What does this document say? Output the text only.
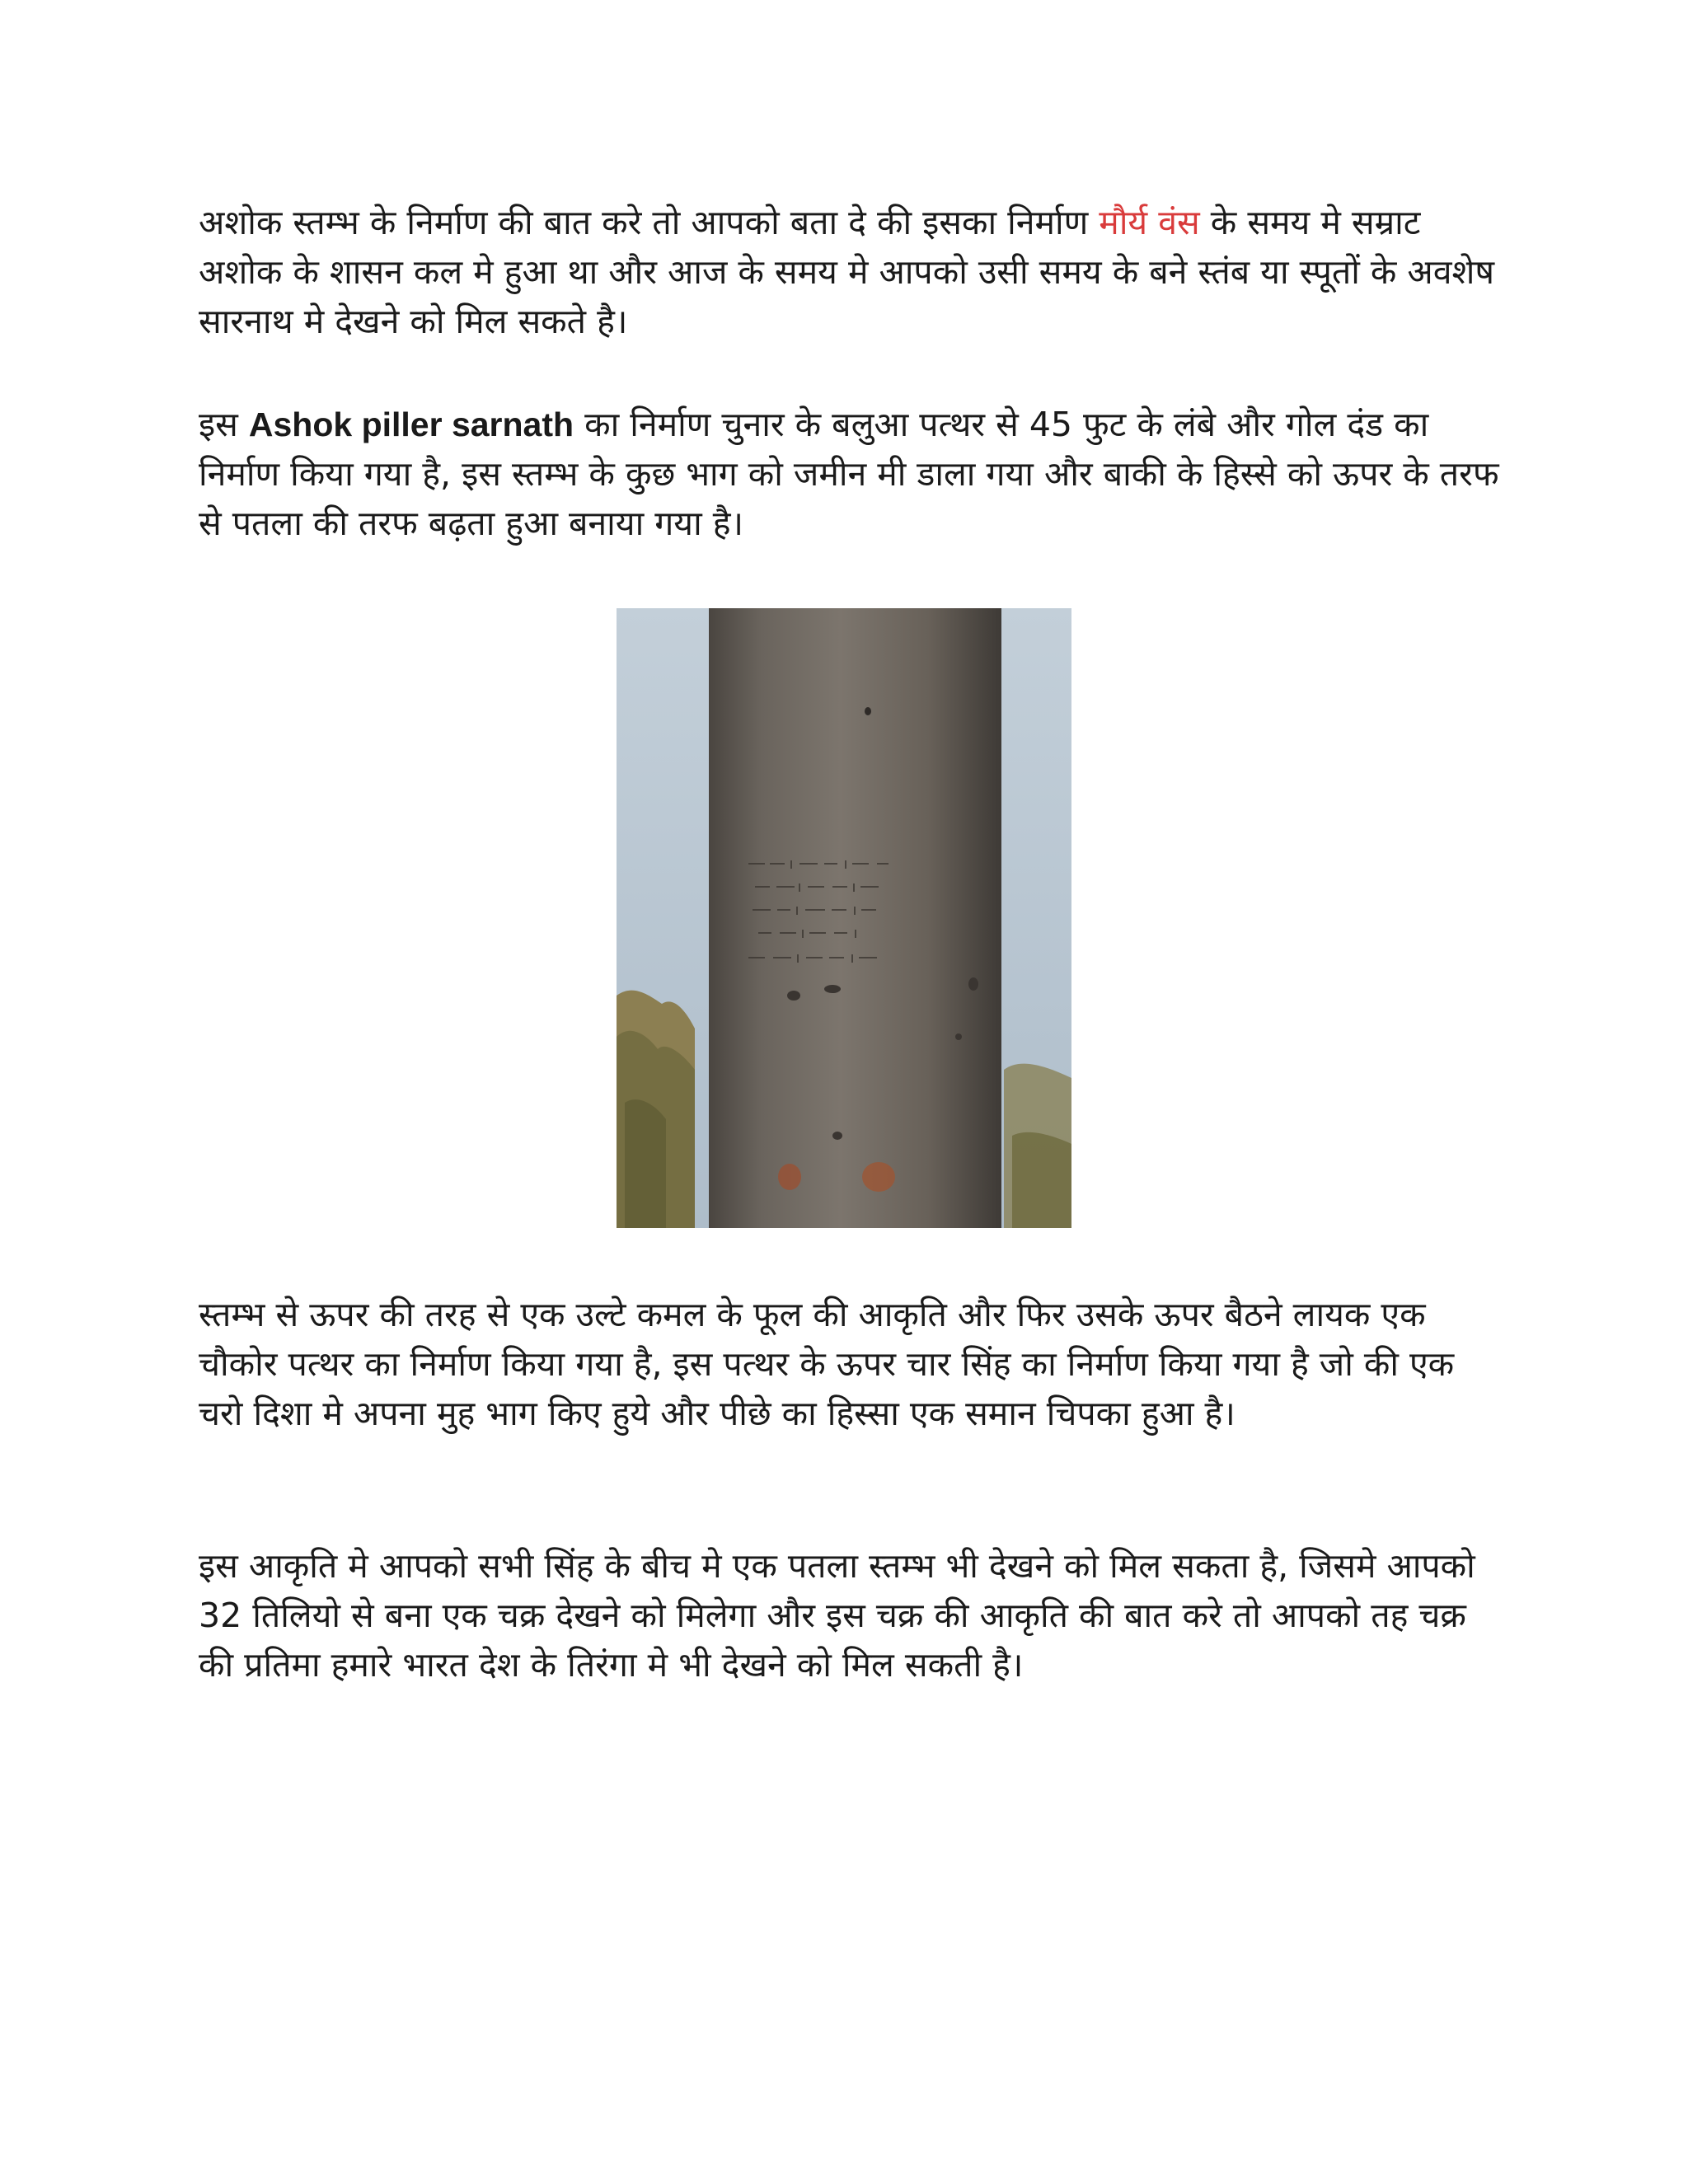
अशोक स्तम्भ के निर्माण की बात करे तो आपको बता दे की इसका निर्माण मौर्य वंस के समय मे सम्राट अशोक के शासन कल मे हुआ था और आज के समय मे आपको उसी समय के बने स्तंब या स्पूतों के अवशेष सारनाथ मे देखने को मिल सकते है।

इस Ashok piller sarnath का निर्माण चुनार के बलुआ पत्थर से 45 फुट के लंबे और गोल दंड का निर्माण किया गया है, इस स्तम्भ के कुछ भाग को जमीन मी डाला गया और बाकी के हिस्से को ऊपर के तरफ से पतला की तरफ बढ़ता हुआ बनाया गया है।

स्तम्भ से ऊपर की तरह से एक उल्टे कमल के फूल की आकृति और फिर उसके ऊपर बैठने लायक एक चौकोर पत्थर का निर्माण किया गया है, इस पत्थर के ऊपर चार सिंह का निर्माण किया गया है जो की एक चरो दिशा मे अपना मुह भाग किए हुये और पीछे का हिस्सा एक समान चिपका हुआ है।

इस आकृति मे आपको सभी सिंह के बीच मे एक पतला स्तम्भ भी देखने को मिल सकता है, जिसमे आपको 32 तिलियो से बना एक चक्र देखने को मिलेगा और इस चक्र की आकृति की बात करे तो आपको तह चक्र की प्रतिमा हमारे भारत देश के तिरंगा मे भी देखने को मिल सकती है।
